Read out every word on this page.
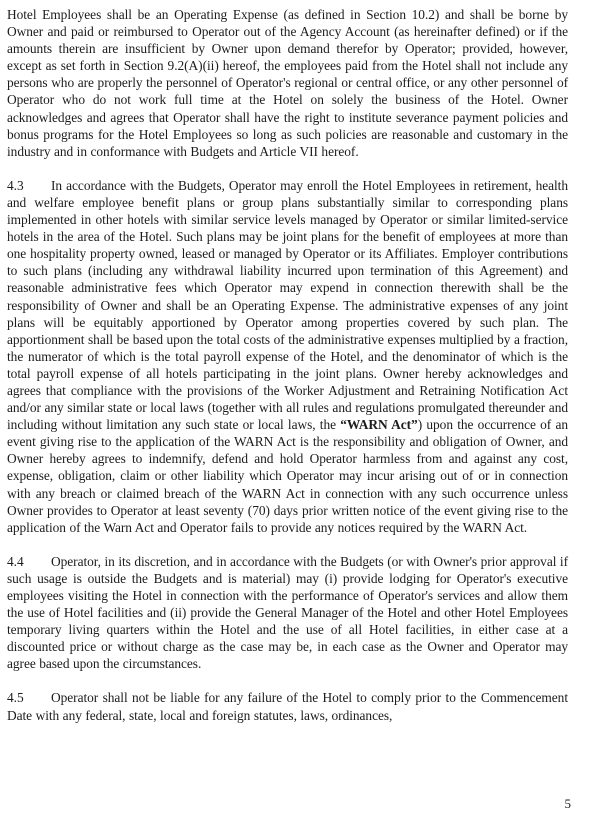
Hotel Employees shall be an Operating Expense (as defined in Section 10.2) and shall be borne by Owner and paid or reimbursed to Operator out of the Agency Account (as hereinafter defined) or if the amounts therein are insufficient by Owner upon demand therefor by Operator; provided, however, except as set forth in Section 9.2(A)(ii) hereof, the employees paid from the Hotel shall not include any persons who are properly the personnel of Operator's regional or central office, or any other personnel of Operator who do not work full time at the Hotel on solely the business of the Hotel. Owner acknowledges and agrees that Operator shall have the right to institute severance payment policies and bonus programs for the Hotel Employees so long as such policies are reasonable and customary in the industry and in conformance with Budgets and Article VII hereof.

4.3 In accordance with the Budgets, Operator may enroll the Hotel Employees in retirement, health and welfare employee benefit plans or group plans substantially similar to corresponding plans implemented in other hotels with similar service levels managed by Operator or similar limited-service hotels in the area of the Hotel. Such plans may be joint plans for the benefit of employees at more than one hospitality property owned, leased or managed by Operator or its Affiliates. Employer contributions to such plans (including any withdrawal liability incurred upon termination of this Agreement) and reasonable administrative fees which Operator may expend in connection therewith shall be the responsibility of Owner and shall be an Operating Expense. The administrative expenses of any joint plans will be equitably apportioned by Operator among properties covered by such plan. The apportionment shall be based upon the total costs of the administrative expenses multiplied by a fraction, the numerator of which is the total payroll expense of the Hotel, and the denominator of which is the total payroll expense of all hotels participating in the joint plans. Owner hereby acknowledges and agrees that compliance with the provisions of the Worker Adjustment and Retraining Notification Act and/or any similar state or local laws (together with all rules and regulations promulgated thereunder and including without limitation any such state or local laws, the “WARN Act”) upon the occurrence of an event giving rise to the application of the WARN Act is the responsibility and obligation of Owner, and Owner hereby agrees to indemnify, defend and hold Operator harmless from and against any cost, expense, obligation, claim or other liability which Operator may incur arising out of or in connection with any breach or claimed breach of the WARN Act in connection with any such occurrence unless Owner provides to Operator at least seventy (70) days prior written notice of the event giving rise to the application of the Warn Act and Operator fails to provide any notices required by the WARN Act.

4.4 Operator, in its discretion, and in accordance with the Budgets (or with Owner's prior approval if such usage is outside the Budgets and is material) may (i) provide lodging for Operator's executive employees visiting the Hotel in connection with the performance of Operator's services and allow them the use of Hotel facilities and (ii) provide the General Manager of the Hotel and other Hotel Employees temporary living quarters within the Hotel and the use of all Hotel facilities, in either case at a discounted price or without charge as the case may be, in each case as the Owner and Operator may agree based upon the circumstances.

4.5 Operator shall not be liable for any failure of the Hotel to comply prior to the Commencement Date with any federal, state, local and foreign statutes, laws, ordinances,

5
